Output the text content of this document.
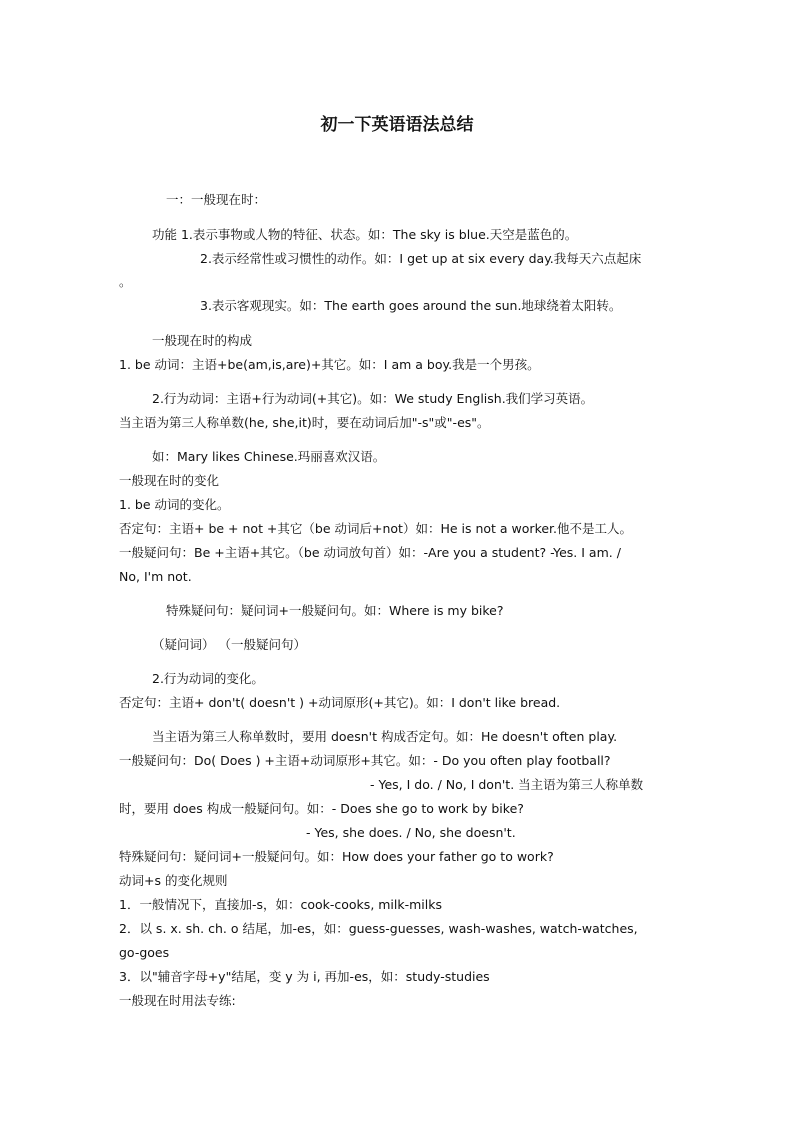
初一下英语语法总结
一：一般现在时：
功能 1.表示事物或人物的特征、状态。如：The sky is blue.天空是蓝色的。
2.表示经常性或习惯性的动作。如：I get up at six every day.我每天六点起床
。
3.表示客观现实。如：The earth goes around the sun.地球绕着太阳转。
一般现在时的构成
1. be 动词：主语+be(am,is,are)+其它。如：I am a boy.我是一个男孩。
2.行为动词：主语+行为动词(+其它)。如：We study English.我们学习英语。
当主语为第三人称单数(he, she,it)时，要在动词后加"-s"或"-es"。
如：Mary likes Chinese.玛丽喜欢汉语。
一般现在时的变化
1. be 动词的变化。
否定句：主语+ be + not +其它（be 动词后+not）如：He is not a worker.他不是工人。
一般疑问句：Be +主语+其它。（be 动词放句首）如：-Are you a student? -Yes. I am. /
No, I'm not.
特殊疑问句：疑问词+一般疑问句。如：Where is my bike?
（疑问词） （一般疑问句）
2.行为动词的变化。
否定句：主语+ don't( doesn't ) +动词原形(+其它)。如：I don't like bread.
当主语为第三人称单数时，要用 doesn't 构成否定句。如：He doesn't often play.
一般疑问句：Do( Does ) +主语+动词原形+其它。如：- Do you often play football?
- Yes, I do. / No, I don't. 当主语为第三人称单数
时，要用 does 构成一般疑问句。如：- Does she go to work by bike?
- Yes, she does. / No, she doesn't.
特殊疑问句：疑问词+一般疑问句。如：How does your father go to work?
动词+s 的变化规则
1．一般情况下，直接加-s，如：cook-cooks, milk-milks
2．以 s. x. sh. ch. o 结尾，加-es，如：guess-guesses, wash-washes, watch-watches,
go-goes
3．以"辅音字母+y"结尾，变 y 为 i, 再加-es，如：study-studies
一般现在时用法专练:
